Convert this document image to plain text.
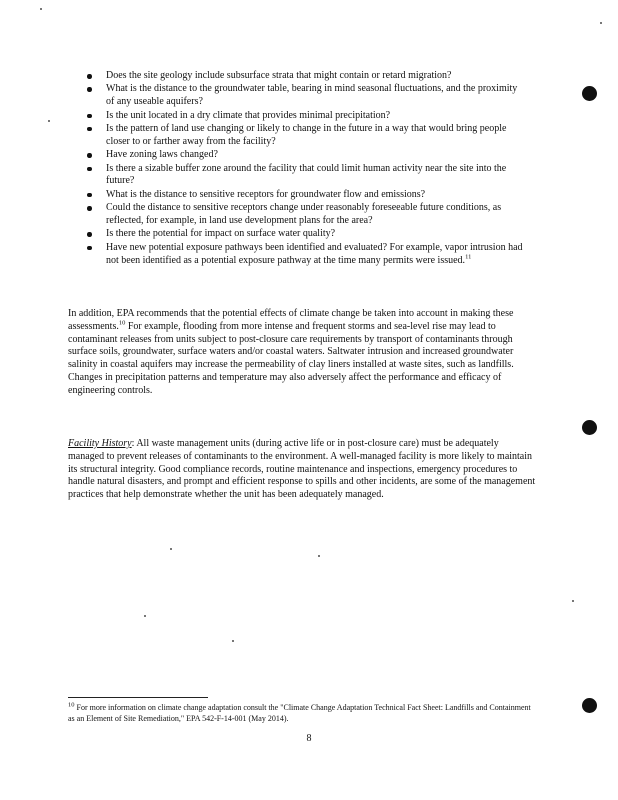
Does the site geology include subsurface strata that might contain or retard migration?
What is the distance to the groundwater table, bearing in mind seasonal fluctuations, and the proximity of any useable aquifers?
Is the unit located in a dry climate that provides minimal precipitation?
Is the pattern of land use changing or likely to change in the future in a way that would bring people closer to or farther away from the facility?
Have zoning laws changed?
Is there a sizable buffer zone around the facility that could limit human activity near the site into the future?
What is the distance to sensitive receptors for groundwater flow and emissions?
Could the distance to sensitive receptors change under reasonably foreseeable future conditions, as reflected, for example, in land use development plans for the area?
Is there the potential for impact on surface water quality?
Have new potential exposure pathways been identified and evaluated? For example, vapor intrusion had not been identified as a potential exposure pathway at the time many permits were issued.$^{11}$

In addition, EPA recommends that the potential effects of climate change be taken into account in making these assessments.$^{10}$ For example, flooding from more intense and frequent storms and sea-level rise may lead to contaminant releases from units subject to post-closure care requirements by transport of contaminants through surface soils, groundwater, surface waters and/or coastal waters. Saltwater intrusion and increased groundwater salinity in coastal aquifers may increase the permeability of clay liners installed at waste sites, such as landfills. Changes in precipitation patterns and temperature may also adversely affect the performance and efficacy of engineering controls.

Facility History: All waste management units (during active life or in post-closure care) must be adequately managed to prevent releases of contaminants to the environment. A well-managed facility is more likely to maintain its structural integrity. Good compliance records, routine maintenance and inspections, emergency procedures to handle natural disasters, and prompt and efficient response to spills and other incidents, are some of the management practices that help demonstrate whether the unit has been adequately managed.

$^{10}$ For more information on climate change adaptation consult the "Climate Change Adaptation Technical Fact Sheet: Landfills and Containment as an Element of Site Remediation," EPA 542-F-14-001 (May 2014).

8
